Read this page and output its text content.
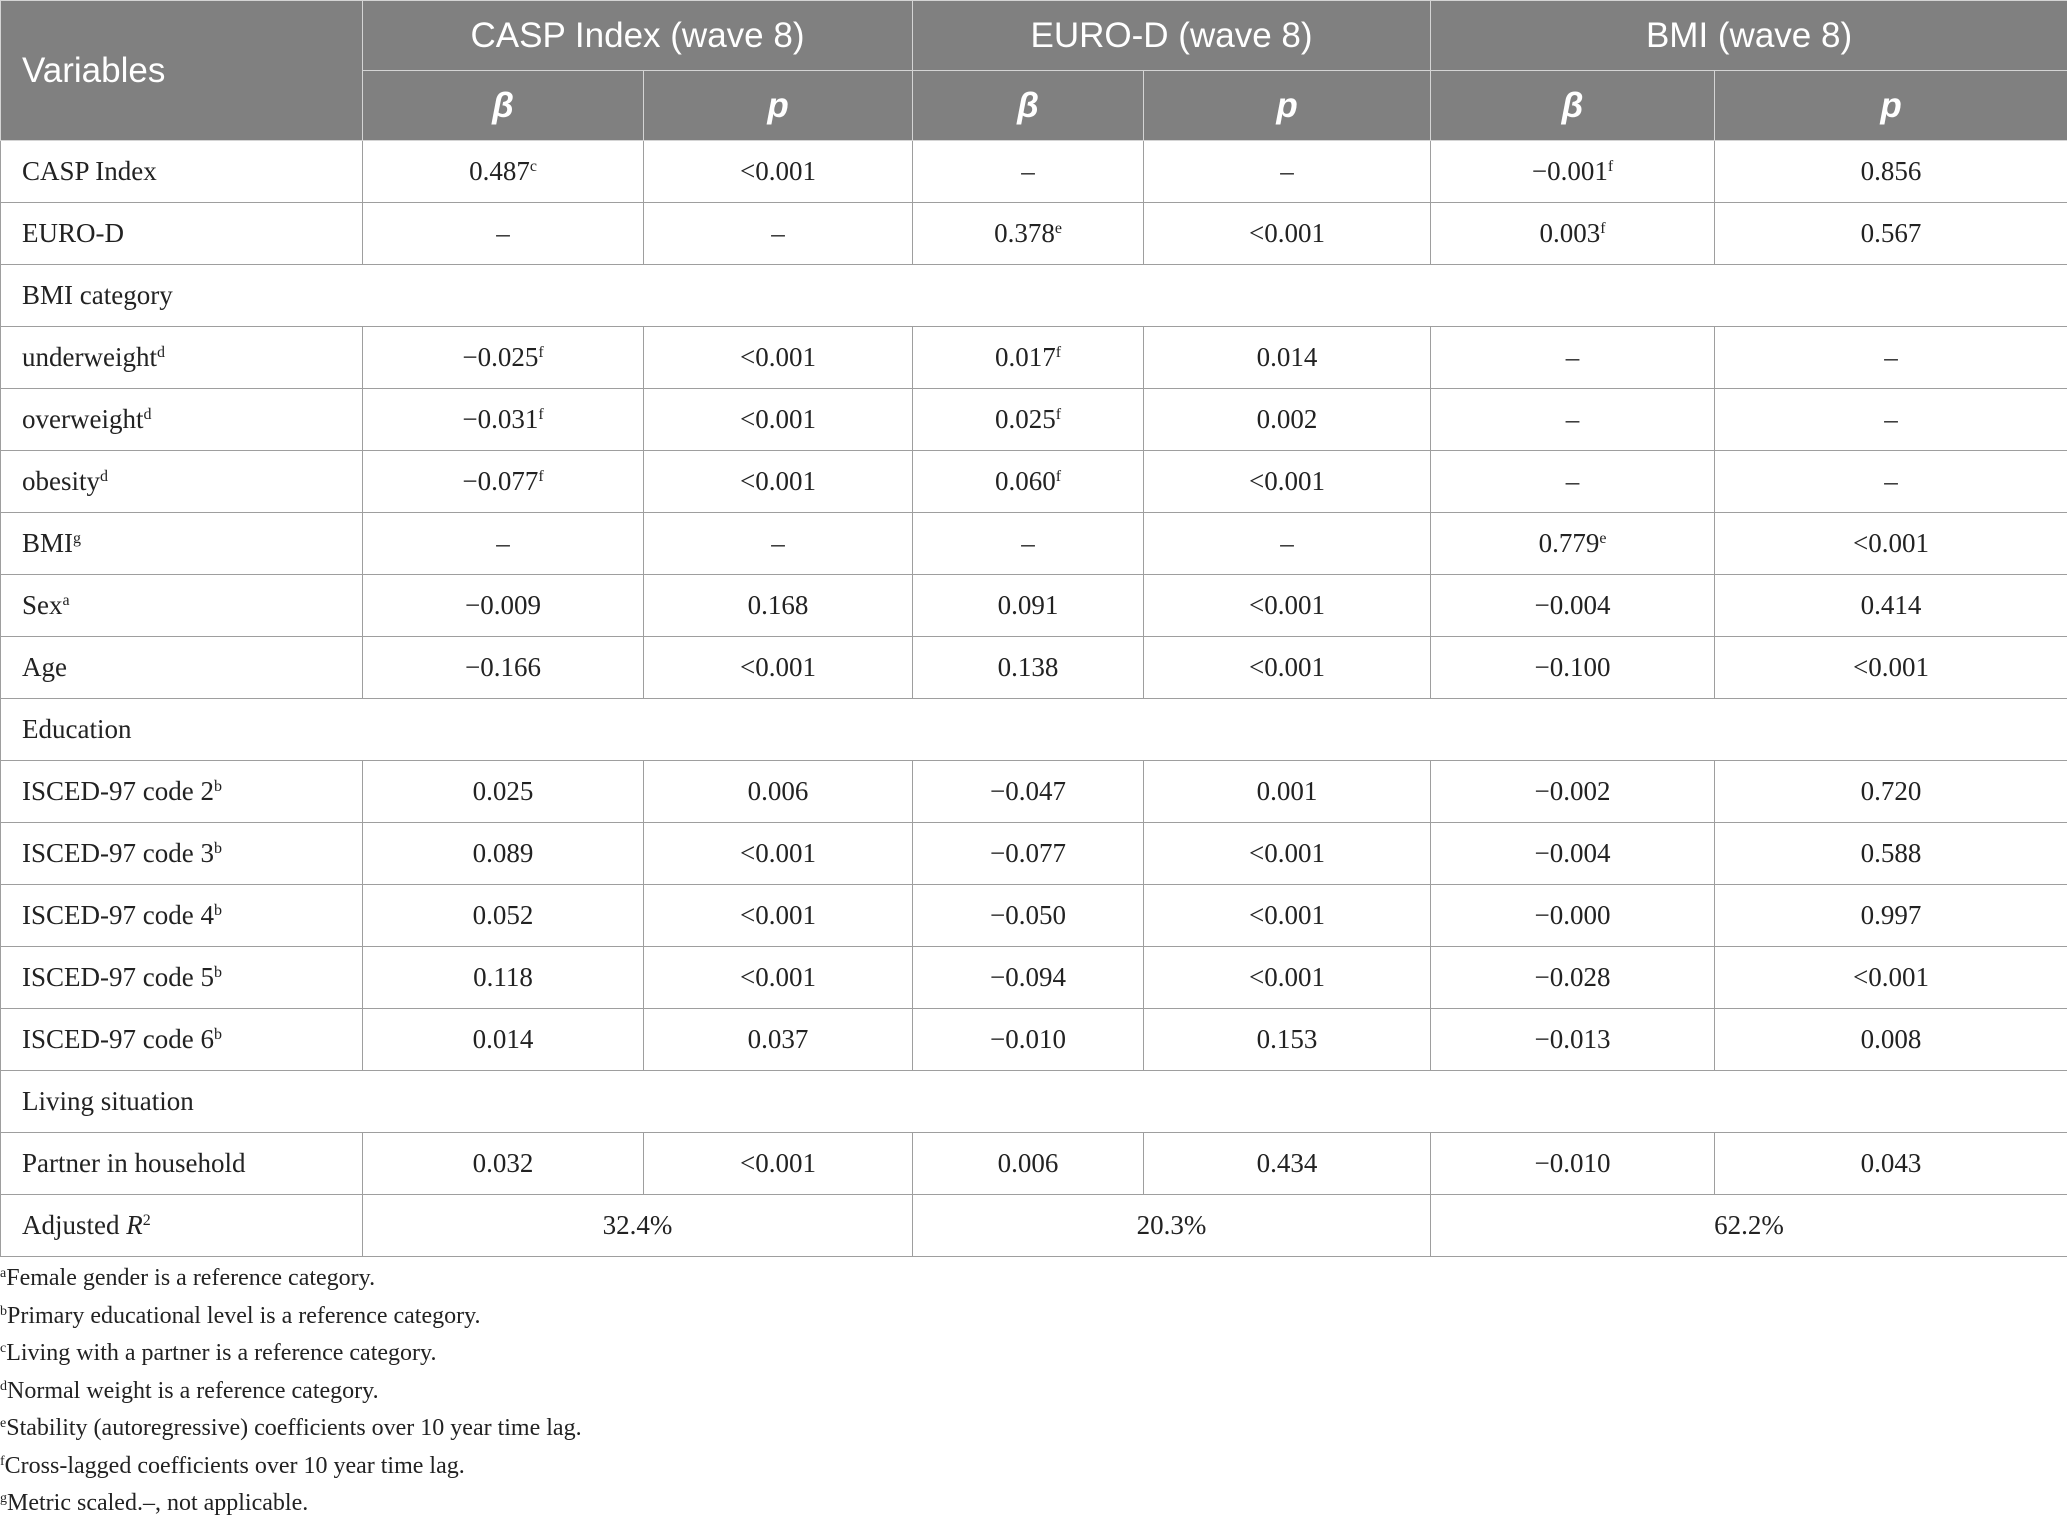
Variables	CASP Index (wave 8)		EURO-D (wave 8)		BMI (wave 8)	
	β	p	β	p	β	p
CASP Index	0.487$^c$	<0.001	–	–	−0.001$^f$	0.856
EURO-D	–	–	0.378$^e$	<0.001	0.003$^f$	0.567
BMI category						
underweight$^d$	−0.025$^f$	<0.001	0.017$^f$	0.014	–	–
overweight$^d$	−0.031$^f$	<0.001	0.025$^f$	0.002	–	–
obesity$^d$	−0.077$^f$	<0.001	0.060$^f$	<0.001	–	–
BMI$^g$	–	–	–	–	0.779$^e$	<0.001
Sex$^a$	−0.009	0.168	0.091	<0.001	−0.004	0.414
Age	−0.166	<0.001	0.138	<0.001	−0.100	<0.001
Education						
ISCED-97 code 2$^b$	0.025	0.006	−0.047	0.001	−0.002	0.720
ISCED-97 code 3$^b$	0.089	<0.001	−0.077	<0.001	−0.004	0.588
ISCED-97 code 4$^b$	0.052	<0.001	−0.050	<0.001	−0.000	0.997
ISCED-97 code 5$^b$	0.118	<0.001	−0.094	<0.001	−0.028	<0.001
ISCED-97 code 6$^b$	0.014	0.037	−0.010	0.153	−0.013	0.008
Living situation						
Partner in household	0.032	<0.001	0.006	0.434	−0.010	0.043
Adjusted $R^2$	32.4%		20.3%		62.2%	
$^a$Female gender is a reference category.
$^b$Primary educational level is a reference category.
$^c$Living with a partner is a reference category.
$^d$Normal weight is a reference category.
$^e$Stability (autoregressive) coefficients over 10 year time lag.
$^f$Cross-lagged coefficients over 10 year time lag.
$^g$Metric scaled.–, not applicable.
